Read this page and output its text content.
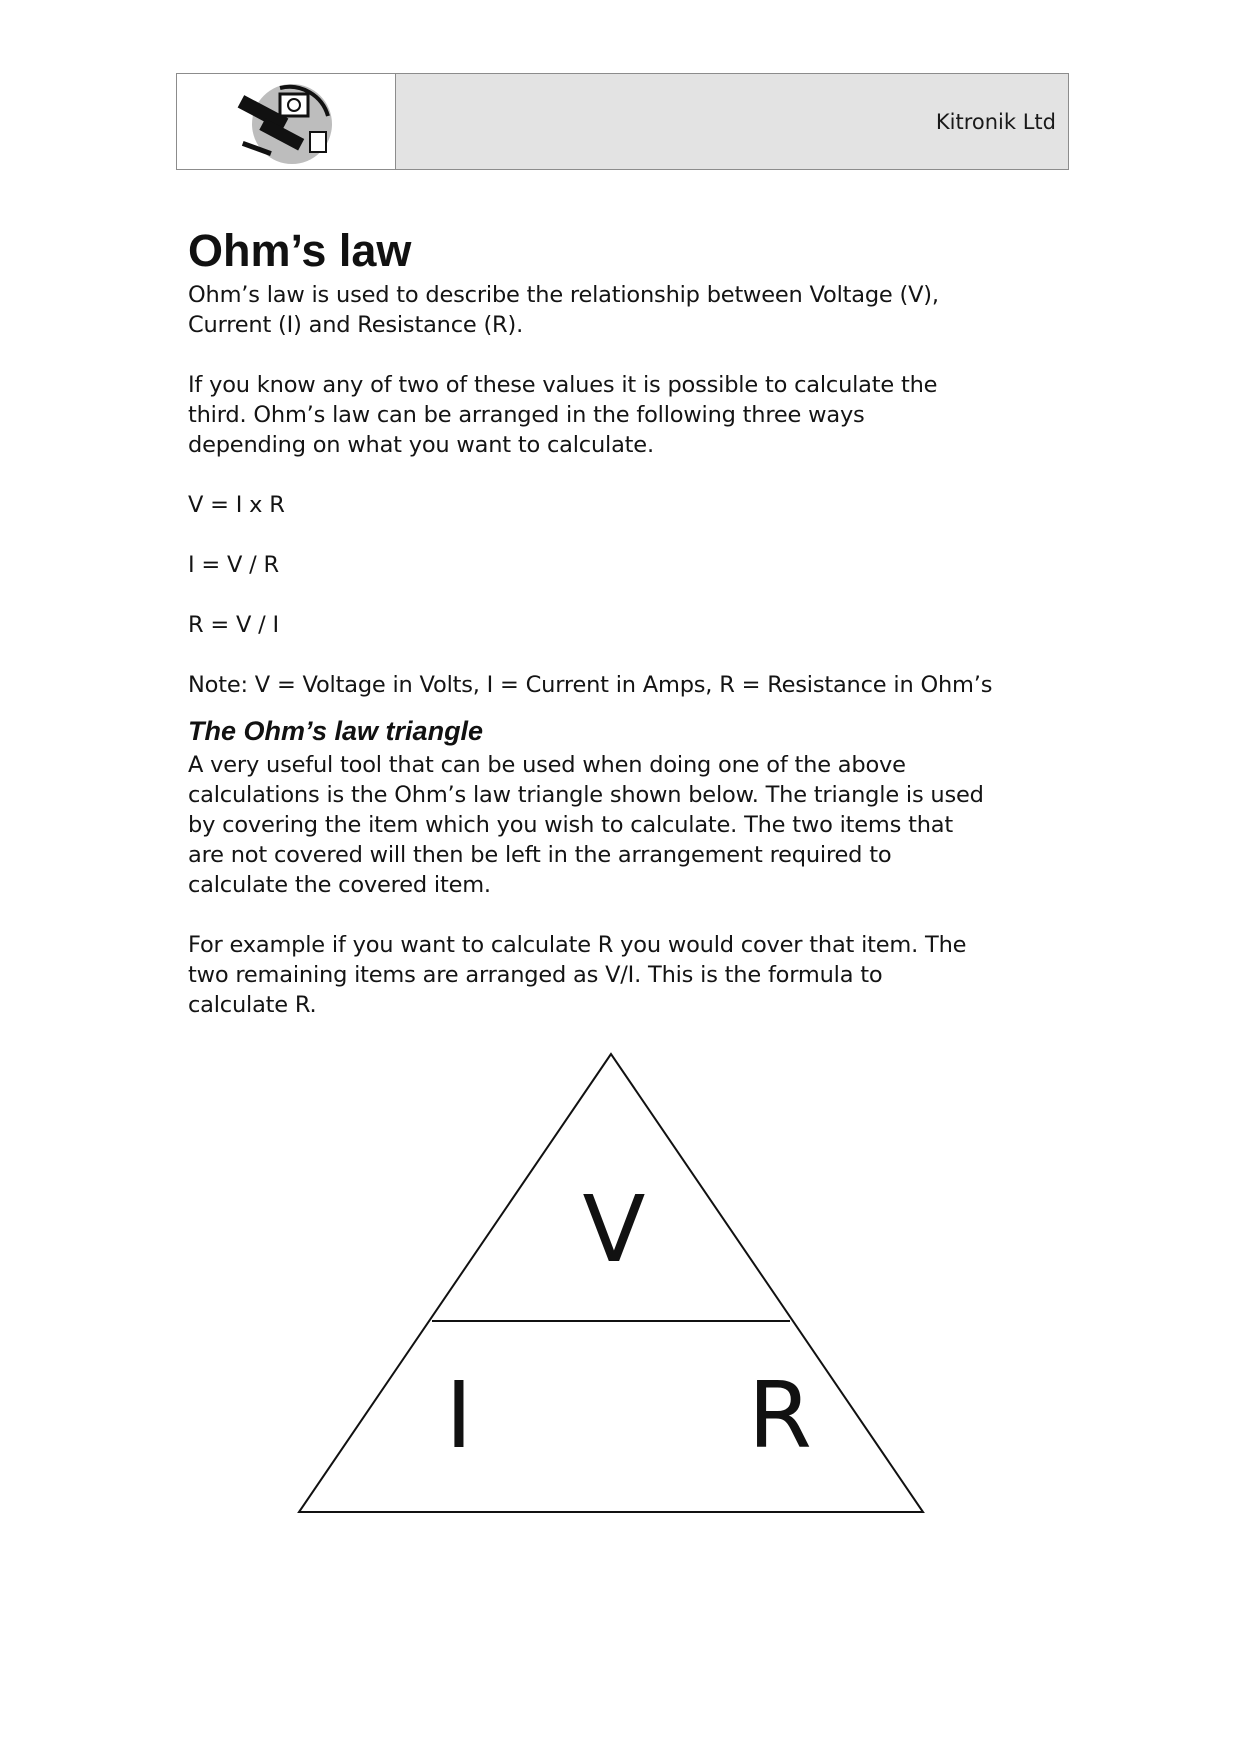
Kitronik Ltd
Ohm’s law

Ohm’s law is used to describe the relationship between Voltage (V),
Current (I) and Resistance (R).

If you know any of two of these values it is possible to calculate the
third. Ohm’s law can be arranged in the following three ways
depending on what you want to calculate.

V = I x R

I = V / R

R = V / I

Note: V = Voltage in Volts, I = Current in Amps, R = Resistance in Ohm’s

The Ohm’s law triangle

A very useful tool that can be used when doing one of the above
calculations is the Ohm’s law triangle shown below. The triangle is used
by covering the item which you wish to calculate. The two items that
are not covered will then be left in the arrangement required to
calculate the covered item.

For example if you want to calculate R you would cover that item. The
two remaining items are arranged as V/I. This is the formula to
calculate R.

V
I	R
